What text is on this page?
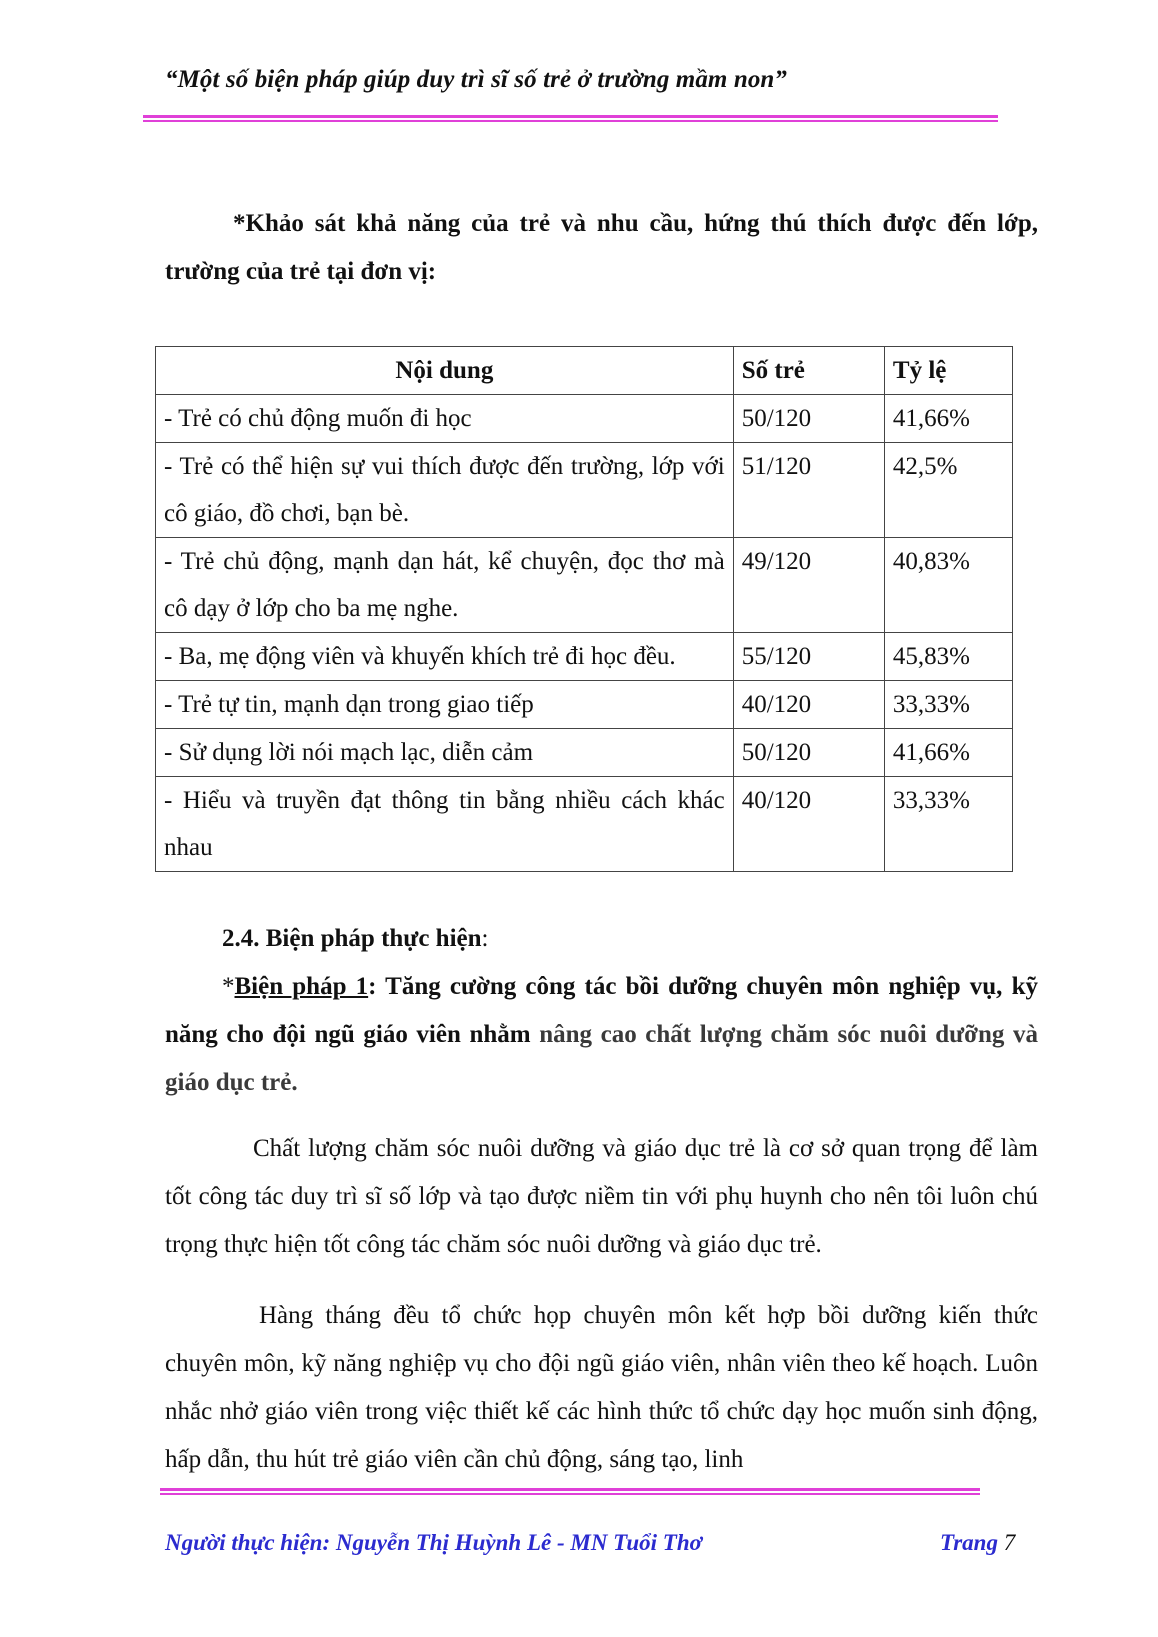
“Một số biện pháp giúp duy trì sĩ số trẻ ở trường mầm non”
*Khảo sát khả năng của trẻ và nhu cầu, hứng thú thích được đến lớp, trường của trẻ tại đơn vị:
Nội dung	Số trẻ	Tỷ lệ
- Trẻ có chủ động muốn đi học	50/120	41,66%
- Trẻ có thể hiện sự vui thích được đến trường, lớp với cô giáo, đồ chơi, bạn bè.	51/120	42,5%
- Trẻ chủ động, mạnh dạn hát, kể chuyện, đọc thơ mà cô dạy ở lớp cho ba mẹ nghe.	49/120	40,83%
- Ba, mẹ động viên và khuyến khích trẻ đi học đều.	55/120	45,83%
- Trẻ tự tin, mạnh dạn trong giao tiếp	40/120	33,33%
- Sử dụng lời nói mạch lạc, diễn cảm	50/120	41,66%
- Hiểu và truyền đạt thông tin bằng nhiều cách khác nhau	40/120	33,33%
2.4. Biện pháp thực hiện:
*Biện pháp 1: Tăng cường công tác bồi dưỡng chuyên môn nghiệp vụ, kỹ năng cho đội ngũ giáo viên nhằm nâng cao chất lượng chăm sóc nuôi dưỡng và giáo dục trẻ.
Chất lượng chăm sóc nuôi dưỡng và giáo dục trẻ là cơ sở quan trọng để làm tốt công tác duy trì sĩ số lớp và tạo được niềm tin với phụ huynh cho nên tôi luôn chú trọng thực hiện tốt công tác chăm sóc nuôi dưỡng và giáo dục trẻ.
Hàng tháng đều tổ chức họp chuyên môn kết hợp bồi dưỡng kiến thức chuyên môn, kỹ năng nghiệp vụ cho đội ngũ giáo viên, nhân viên theo kế hoạch. Luôn nhắc nhở giáo viên trong việc thiết kế các hình thức tổ chức dạy học muốn sinh động, hấp dẫn, thu hút trẻ giáo viên cần chủ động, sáng tạo, linh
Người thực hiện: Nguyễn Thị Huỳnh Lê - MN Tuổi Thơ	Trang 7
